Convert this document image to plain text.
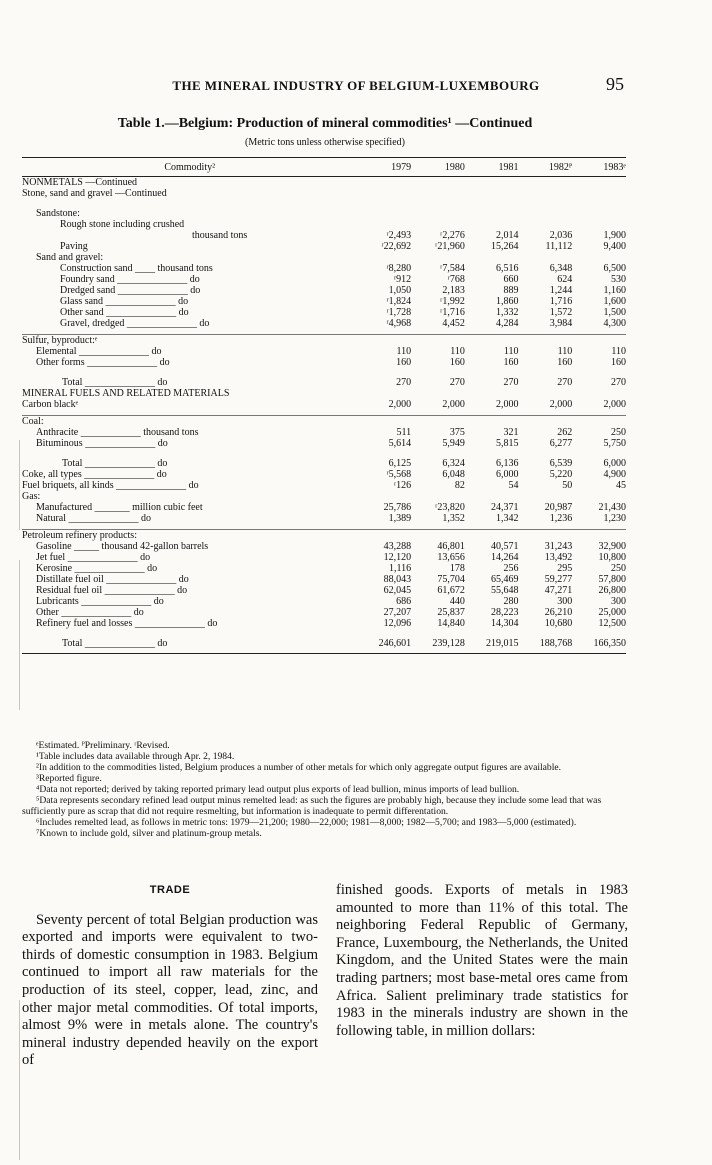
THE MINERAL INDUSTRY OF BELGIUM-LUXEMBOURG	95
Table 1.—Belgium: Production of mineral commodities¹ —Continued
(Metric tons unless otherwise specified)
Commodity²	1979	1980	1981	1982ᴾ	1983ᵉ
NONMETALS —Continued					
Stone, sand and gravel —Continued					

Sandstone:					
Rough stone including crushed					
thousand tons	ʳ2,493	ʳ2,276	2,014	2,036	1,900
Paving	ʳ22,692	ʳ21,960	15,264	11,112	9,400
Sand and gravel:					
Construction sand ____ thousand tons	ʳ8,280	ʳ7,584	6,516	6,348	6,500
Foundry sand ______________ do	ʳ912	ʳ768	660	624	530
Dredged sand ______________ do	1,050	2,183	889	1,244	1,160
Glass sand ______________ do	ʳ1,824	ʳ1,992	1,860	1,716	1,600
Other sand ______________ do	ʳ1,728	ʳ1,716	1,332	1,572	1,500
Gravel, dredged ______________ do	ʳ4,968	4,452	4,284	3,984	4,300

Sulfur, byproduct:ᵉ					
Elemental ______________ do	110	110	110	110	110
Other forms ______________ do	160	160	160	160	160

Total ______________ do	270	270	270	270	270
MINERAL FUELS AND RELATED MATERIALS					
Carbon blackᵉ	2,000	2,000	2,000	2,000	2,000

Coal:					
Anthracite ____________ thousand tons	511	375	321	262	250
Bituminous ______________ do	5,614	5,949	5,815	6,277	5,750

Total ______________ do	6,125	6,324	6,136	6,539	6,000
Coke, all types ______________ do	ʳ5,568	6,048	6,000	5,220	4,900
Fuel briquets, all kinds ______________ do	ʳ126	82	54	50	45
Gas:					
Manufactured _______ million cubic feet	25,786	ʳ23,820	24,371	20,987	21,430
Natural ______________ do	1,389	1,352	1,342	1,236	1,230

Petroleum refinery products:					
Gasoline _____ thousand 42-gallon barrels	43,288	46,801	40,571	31,243	32,900
Jet fuel ______________ do	12,120	13,656	14,264	13,492	10,800
Kerosine ______________ do	1,116	178	256	295	250
Distillate fuel oil ______________ do	88,043	75,704	65,469	59,277	57,800
Residual fuel oil ______________ do	62,045	61,672	55,648	47,271	26,800
Lubricants ______________ do	686	440	280	300	300
Other ______________ do	27,207	25,837	28,223	26,210	25,000
Refinery fuel and losses ______________ do	12,096	14,840	14,304	10,680	12,500

Total ______________ do	246,601	239,128	219,015	188,768	166,350

ᵉEstimated. ᴾPreliminary. ʳRevised.

¹Table includes data available through Apr. 2, 1984.

²In addition to the commodities listed, Belgium produces a number of other metals for which only aggregate output figures are available.

³Reported figure.

⁴Data not reported; derived by taking reported primary lead output plus exports of lead bullion, minus imports of lead bullion.

⁵Data represents secondary refined lead output minus remelted lead: as such the figures are probably high, because they include some lead that was sufficiently pure as scrap that did not require resmelting, but information is inadequate to permit differentation.

⁶Includes remelted lead, as follows in metric tons: 1979—21,200; 1980—22,000; 1981—8,000; 1982—5,700; and 1983—5,000 (estimated).

⁷Known to include gold, silver and platinum-group metals.

TRADE

Seventy percent of total Belgian production was exported and imports were equivalent to two-thirds of domestic consumption in 1983. Belgium continued to import all raw materials for the production of its steel, copper, lead, zinc, and other major metal commodities. Of total imports, almost 9% were in metals alone. The country's mineral industry depended heavily on the export of

finished goods. Exports of metals in 1983 amounted to more than 11% of this total. The neighboring Federal Republic of Germany, France, Luxembourg, the Netherlands, the United Kingdom, and the United States were the main trading partners; most base-metal ores came from Africa. Salient preliminary trade statistics for 1983 in the minerals industry are shown in the following table, in million dollars:
